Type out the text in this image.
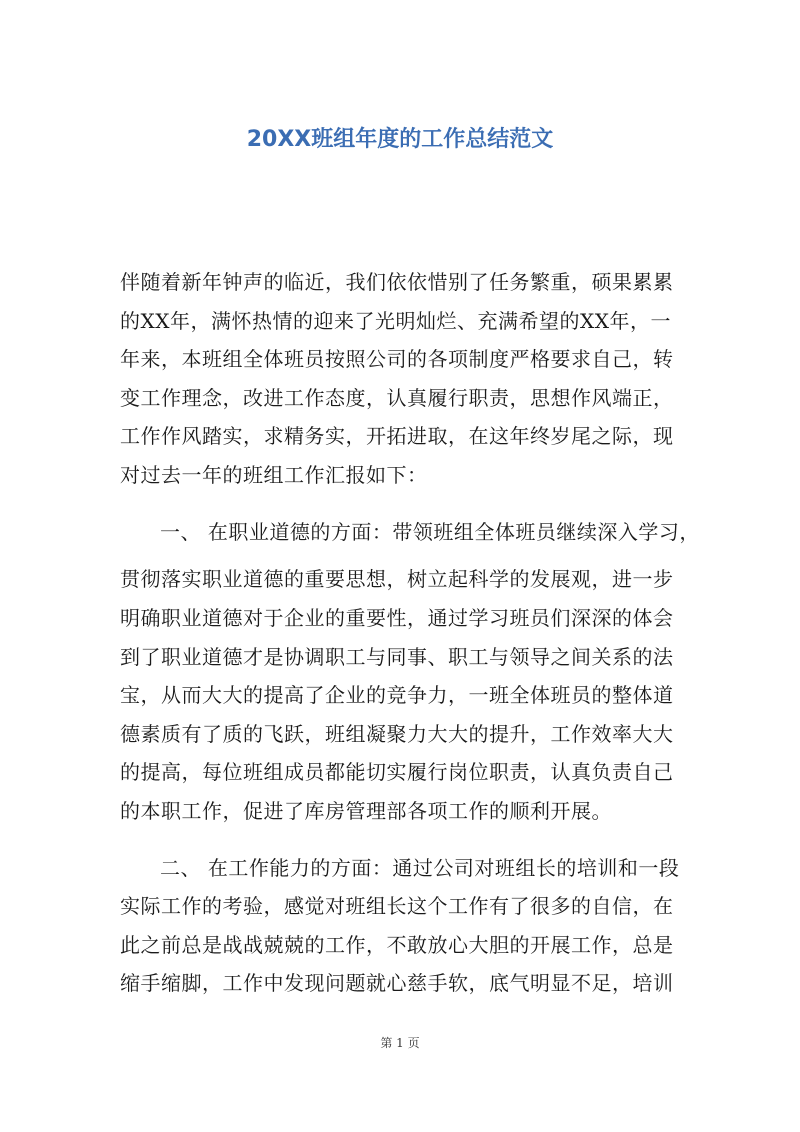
20XX班组年度的工作总结范文
伴随着新年钟声的临近，我们依依惜别了任务繁重，硕果累累
的XX年，满怀热情的迎来了光明灿烂、充满希望的XX年，一
年来，本班组全体班员按照公司的各项制度严格要求自己，转
变工作理念，改进工作态度，认真履行职责，思想作风端正，
工作作风踏实，求精务实，开拓进取，在这年终岁尾之际，现
对过去一年的班组工作汇报如下：
一、 在职业道德的方面：带领班组全体班员继续深入学习，
贯彻落实职业道德的重要思想，树立起科学的发展观，进一步
明确职业道德对于企业的重要性，通过学习班员们深深的体会
到了职业道德才是协调职工与同事、职工与领导之间关系的法
宝，从而大大的提高了企业的竞争力，一班全体班员的整体道
德素质有了质的飞跃，班组凝聚力大大的提升，工作效率大大
的提高，每位班组成员都能切实履行岗位职责，认真负责自己
的本职工作，促进了库房管理部各项工作的顺利开展。
二、 在工作能力的方面：通过公司对班组长的培训和一段
实际工作的考验，感觉对班组长这个工作有了很多的自信，在
此之前总是战战兢兢的工作，不敢放心大胆的开展工作，总是
缩手缩脚，工作中发现问题就心慈手软，底气明显不足，培训
第 1 页
